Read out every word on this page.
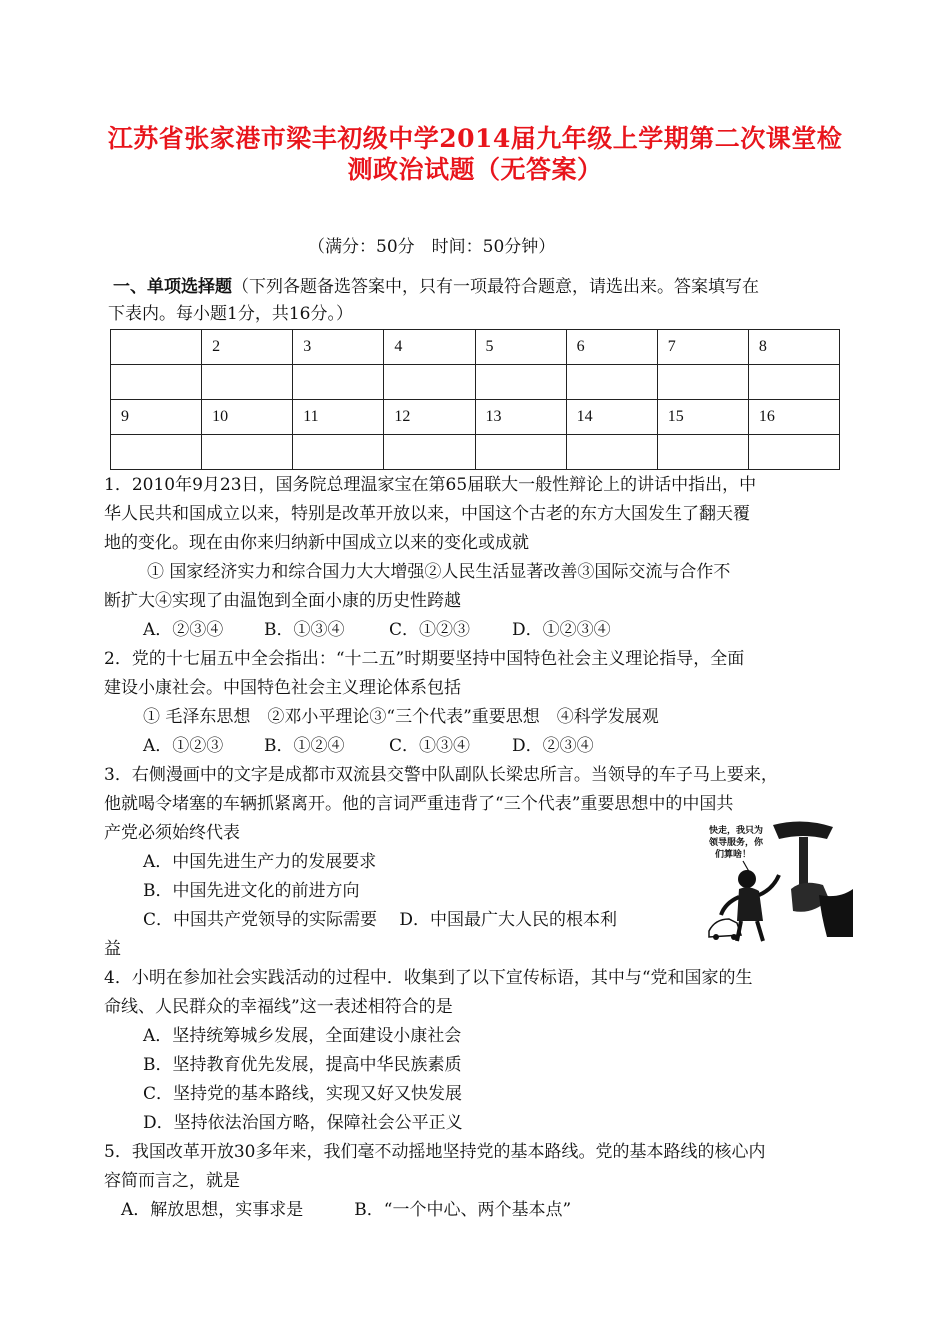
江苏省张家港市梁丰初级中学2014届九年级上学期第二次课堂检
测政治试题（无答案）
（满分：50分　时间：50分钟）
一、单项选择题（下列各题备选答案中，只有一项最符合题意，请选出来。答案填写在
下表内。每小题1分，共16分。）
	2	3	4	5	6	7	8

9	10	11	12	13	14	15	16

1．2010年9月23日，国务院总理温家宝在第65届联大一般性辩论上的讲话中指出，中
华人民共和国成立以来，特别是改革开放以来，中国这个古老的东方大国发生了翻天覆
地的变化。现在由你来归纳新中国成立以来的变化或成就
① 国家经济实力和综合国力大大增强②人民生活显著改善③国际交流与合作不
断扩大④实现了由温饱到全面小康的历史性跨越
A．②③④ B．①③④	C．①②③ D．①②③④
2．党的十七届五中全会指出：“十二五”时期要坚持中国特色社会主义理论指导，全面
建设小康社会。中国特色社会主义理论体系包括
① 毛泽东思想　②邓小平理论③“三个代表”重要思想　④科学发展观
A．①②③ B．①②④	C．①③④ D．②③④
3．右侧漫画中的文字是成都市双流县交警中队副队长梁忠所言。当领导的车子马上要来，
他就喝令堵塞的车辆抓紧离开。他的言词严重违背了“三个代表”重要思想中的中国共
产党必须始终代表
A．中国先进生产力的发展要求
B．中国先进文化的前进方向
C．中国共产党领导的实际需要　 D．中国最广大人民的根本利
益
快走，我只为
领导服务，你
们算啥！
4．小明在参加社会实践活动的过程中．收集到了以下宣传标语，其中与“党和国家的生
命线、人民群众的幸福线”这一表述相符合的是
A．坚持统筹城乡发展，全面建设小康社会
B．坚持教育优先发展，提高中华民族素质
C．坚持党的基本路线，实现又好又快发展
D．坚持依法治国方略，保障社会公平正义
5．我国改革开放30多年来，我们毫不动摇地坚持党的基本路线。党的基本路线的核心内
容简而言之，就是
A．解放思想，实事求是　　　B．“一个中心、两个基本点”
